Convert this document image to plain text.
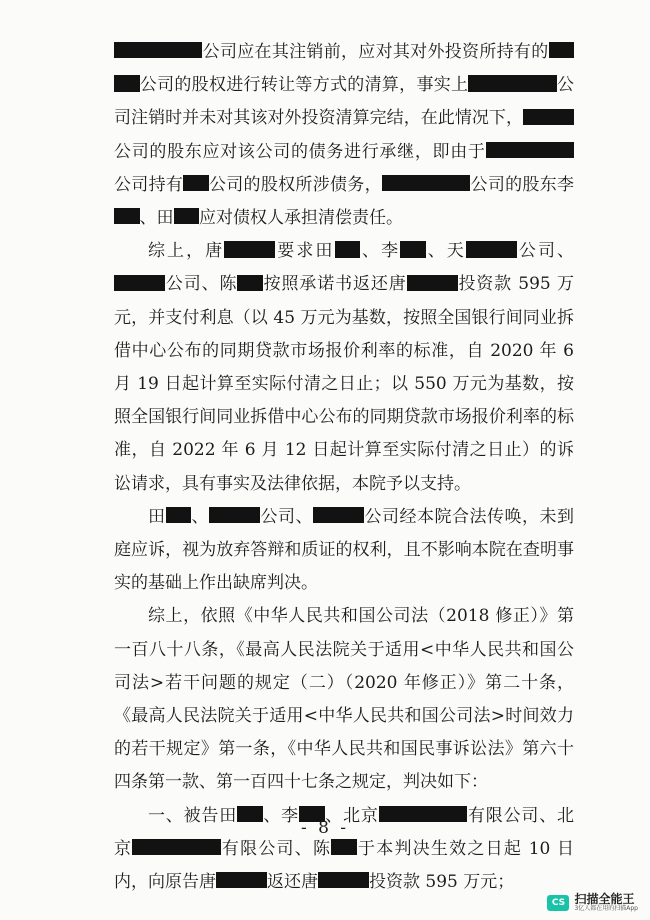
公司应在其注销前，应对其对外投资所持有的公司的股权进行转让等方式的清算，事实上	公司注销时并未对其该对外投资清算完结，在此情况下，公司的股东应对该公司的债务进行承继，即由于公司持有 公司的股权所涉债务，	公司的股东李、田 应对债权人承担清偿责任。

综上，唐	要求田 、李 、天	公司、公司、陈 按照承诺书返还唐	投资款 595 万元，并支付利息（以 45 万元为基数，按照全国银行间同业拆借中心公布的同期贷款市场报价利率的标准，自 2020 年 6 月 19 日起计算至实际付清之日止；以 550 万元为基数，按照全国银行间同业拆借中心公布的同期贷款市场报价利率的标准，自 2022 年 6 月 12 日起计算至实际付清之日止）的诉讼请求，具有事实及法律依据，本院予以支持。

田 、	公司、	公司经本院合法传唤，未到庭应诉，视为放弃答辩和质证的权利，且不影响本院在查明事实的基础上作出缺席判决。

综上，依照《中华人民共和国公司法（2018 修正）》第一百八十八条，《最高人民法院关于适用<中华人民共和国公司法>若干问题的规定（二）（2020 年修正）》第二十条，《最高人民法院关于适用<中华人民共和国公司法>时间效力的若干规定》第一条，《中华人民共和国民事诉讼法》第六十四条第一款、第一百四十七条之规定，判决如下：

一、被告田 、李 、北京	有限公司、北京	有限公司、陈 于本判决生效之日起 10 日内，向原告唐	返还唐	投资款 595 万元；

- 8 -
CS 扫描全能王
3亿人都在用的扫描App
